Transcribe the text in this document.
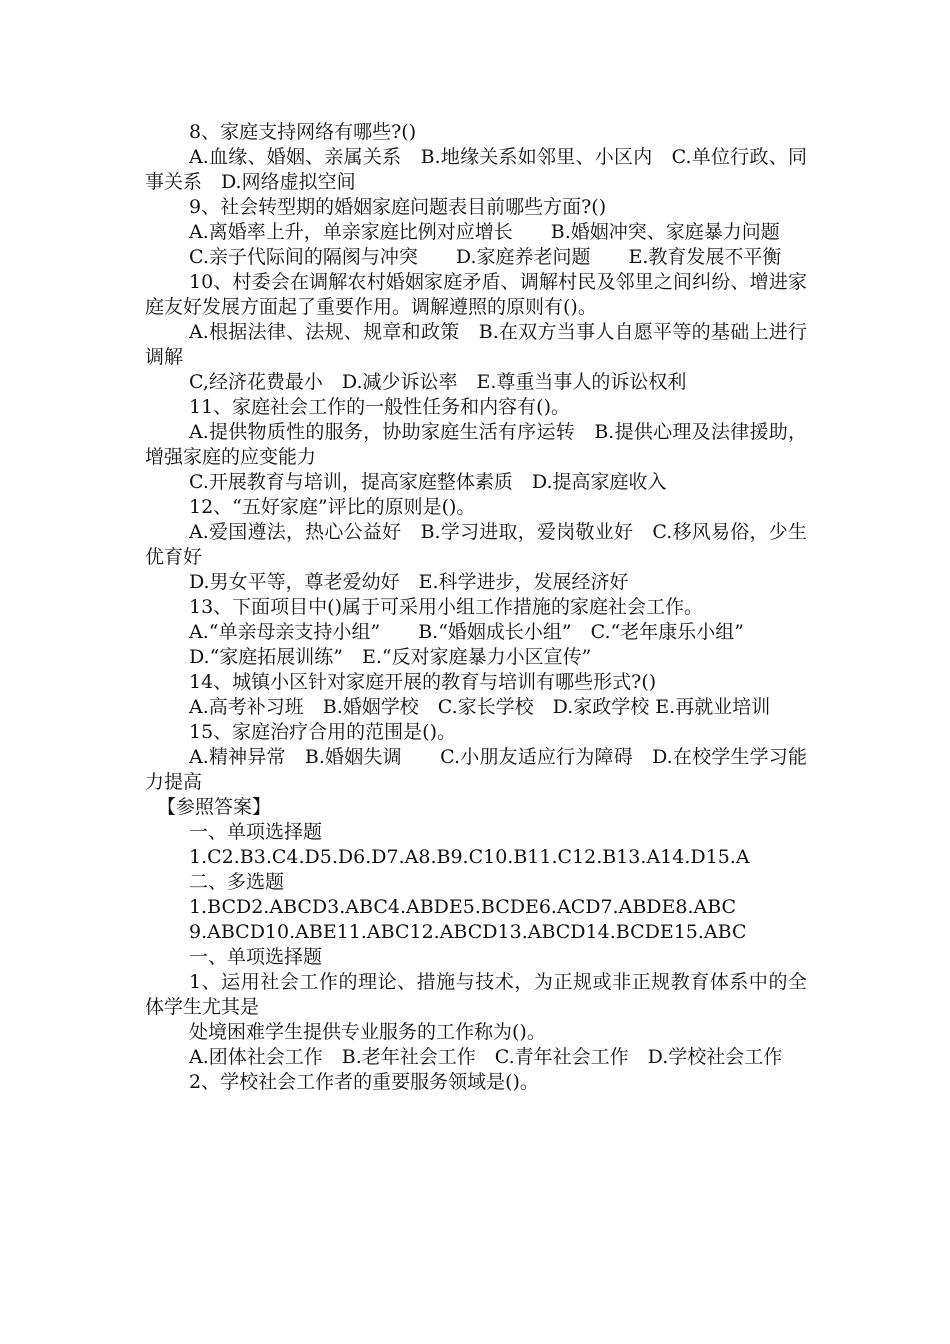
8、家庭支持网络有哪些?()

A.血缘、婚姻、亲属关系　B.地缘关系如邻里、小区内　C.单位行政、同事关系　D.网络虚拟空间

9、社会转型期的婚姻家庭问题表目前哪些方面?()

A.离婚率上升，单亲家庭比例对应增长　　B.婚姻冲突、家庭暴力问题

C.亲子代际间的隔阂与冲突　　D.家庭养老问题　　E.教育发展不平衡

10、村委会在调解农村婚姻家庭矛盾、调解村民及邻里之间纠纷、增进家庭友好发展方面起了重要作用。调解遵照的原则有()。

A.根据法律、法规、规章和政策　B.在双方当事人自愿平等的基础上进行调解

C,经济花费最小　D.减少诉讼率　E.尊重当事人的诉讼权利

11、家庭社会工作的一般性任务和内容有()。

A.提供物质性的服务，协助家庭生活有序运转　B.提供心理及法律援助，增强家庭的应变能力

C.开展教育与培训，提高家庭整体素质　D.提高家庭收入

12、“五好家庭”评比的原则是()。

A.爱国遵法，热心公益好　B.学习进取，爱岗敬业好　C.移风易俗，少生优育好

D.男女平等，尊老爱幼好　E.科学进步，发展经济好

13、下面项目中()属于可采用小组工作措施的家庭社会工作。

A.“单亲母亲支持小组”　　B.“婚姻成长小组”　C.“老年康乐小组”

D.“家庭拓展训练”　E.“反对家庭暴力小区宣传”

14、城镇小区针对家庭开展的教育与培训有哪些形式?()

A.高考补习班　B.婚姻学校　C.家长学校　D.家政学校 E.再就业培训

15、家庭治疗合用的范围是()。

A.精神异常　B.婚姻失调　　C.小朋友适应行为障碍　D.在校学生学习能力提高

【参照答案】

一、单项选择题

1.C2.B3.C4.D5.D6.D7.A8.B9.C10.B11.C12.B13.A14.D15.A

二、多选题

1.BCD2.ABCD3.ABC4.ABDE5.BCDE6.ACD7.ABDE8.ABC

9.ABCD10.ABE11.ABC12.ABCD13.ABCD14.BCDE15.ABC

一、单项选择题

1、运用社会工作的理论、措施与技术，为正规或非正规教育体系中的全体学生尤其是

处境困难学生提供专业服务的工作称为()。

A.团体社会工作　B.老年社会工作　C.青年社会工作　D.学校社会工作

2、学校社会工作者的重要服务领域是()。
